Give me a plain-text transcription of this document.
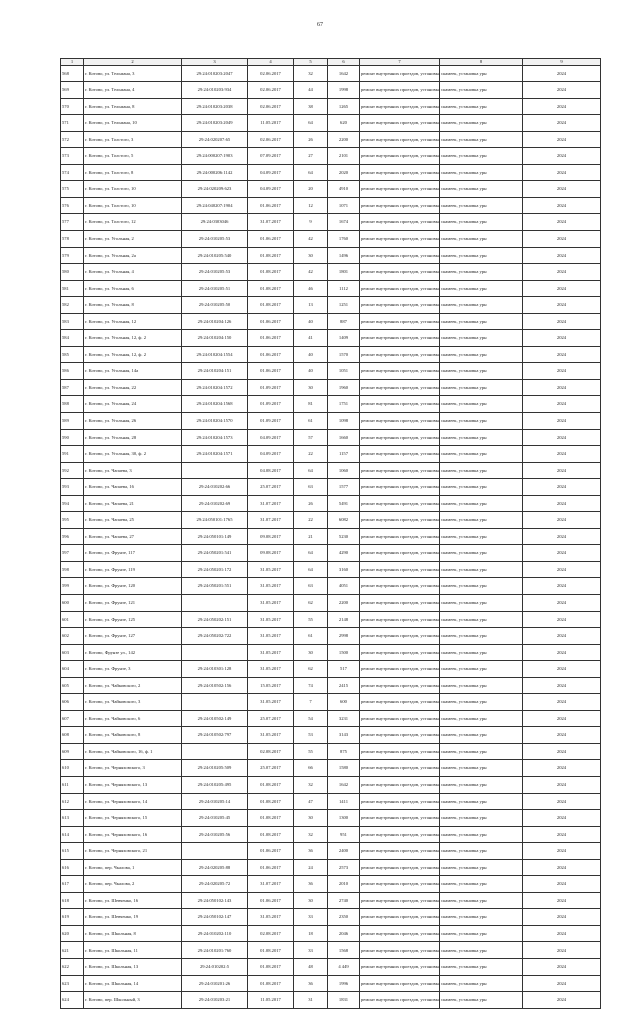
67
1	2	3	4	5	6	7	8	9
568	г. Котово, ул. Тельмана, 3	29:24:010203:2047	02.06.2017	32	1642	ремонт внутренних проездов, установка скамеек, установка урн		2024
569	г. Котово, ул. Тельмана, 4	29:24:010203:934	02.06.2017	44	1998	ремонт внутренних проездов, установка скамеек, установка урн		2024
570	г. Котово, ул. Тельмана, 8	29:24:010203:2038	02.06.2017	38	1265	ремонт внутренних проездов, установка скамеек, установка урн		2024
571	г. Котово, ул. Тельмана, 10	29:24:010203:2049	11.05.2017	64	620	ремонт внутренних проездов, установка скамеек, установка урн		2024
572	г. Котово, ул. Толстого, 3	29:24:020207:65	02.06.2017	26	2200	ремонт внутренних проездов, установка скамеек, установка урн		2024
573	г. Котово, ул. Толстого, 5	29:24:000207:1903	07.09.2017	27	2101	ремонт внутренних проездов, установка скамеек, установка урн		2024
574	г. Котово, ул. Толстого, 8	29:24:000206:1142	04.09.2017	64	2020	ремонт внутренних проездов, установка скамеек, установка урн		2024
575	г. Котово, ул. Толстого, 10	29:24:020209:623	04.09.2017	20	4910	ремонт внутренних проездов, установка скамеек, установка урн		2024
576	г. Котово, ул. Толстого, 10	29:24:040207:1904	01.06.2017	12	1071	ремонт внутренних проездов, установка скамеек, установка урн		2024
577	г. Котово, ул. Толстого, 12	29:24:0303046	31.07.2017	9	1674	ремонт внутренних проездов, установка скамеек, установка урн		2024
578	г. Котово, ул. Угольная, 2	29:24:010205:53	01.06.2017	42	1760	ремонт внутренних проездов, установка скамеек, установка урн		2024
579	г. Котово, ул. Угольная, 2а	29:24:010205:540	01.08.2017	30	1496	ремонт внутренних проездов, установка скамеек, установка урн		2024
580	г. Котово, ул. Угольная, 4	29:24:010205:53	01.08.2017	42	1801	ремонт внутренних проездов, установка скамеек, установка урн		2024
581	г. Котово, ул. Угольная, 6	29:24:010205:51	01.08.2017	46	1112	ремонт внутренних проездов, установка скамеек, установка урн		2024
582	г. Котово, ул. Угольная, 8	29:24:010205:50	01.08.2017	13	1251	ремонт внутренних проездов, установка скамеек, установка урн		2024
583	г. Котово, ул. Угольная, 12	29:24:010204:126	01.06.2017	40	887	ремонт внутренних проездов, установка скамеек, установка урн		2024
584	г. Котово, ул. Угольная, 12, ф. 2	29:24:010204:150	01.06.2017	41	1409	ремонт внутренних проездов, установка скамеек, установка урн		2024
585	г. Котово, ул. Угольная, 12, ф. 2	29:24:010204:1554	01.06.2017	40	1570	ремонт внутренних проездов, установка скамеек, установка урн		2024
586	г. Котово, ул. Угольная, 14а	29:24:010204:151	01.06.2017	40	1051	ремонт внутренних проездов, установка скамеек, установка урн		2024
587	г. Котово, ул. Угольная, 22	29:24:010204:1572	01.09.2017	30	1960	ремонт внутренних проездов, установка скамеек, установка урн		2024
588	г. Котово, ул. Угольная, 24	29:24:010204:1568	01.09.2017	81	1751	ремонт внутренних проездов, установка скамеек, установка урн		2024
589	г. Котово, ул. Угольная, 26	29:24:010204:1570	01.09.2017	61	1098	ремонт внутренних проездов, установка скамеек, установка урн		2024
590	г. Котово, ул. Угольная, 28	29:24:010204:1573	04.09.2017	57	1660	ремонт внутренних проездов, установка скамеек, установка урн		2024
591	г. Котово, ул. Угольная, 30, ф. 2	29:24:010204:1571	04.09.2017	22	1157	ремонт внутренних проездов, установка скамеек, установка урн		2024
592	г. Котово, ул. Чапаева, 3		04.08.2017	64	1060	ремонт внутренних проездов, установка скамеек, установка урн		2024
593	г. Котово, ул. Чапаева, 16	29:24:010202:66	25.07.2017	63	1577	ремонт внутренних проездов, установка скамеек, установка урн		2024
594	г. Котово, ул. Чапаева, 21	29:24:010202:69	31.07.2017	26	5491	ремонт внутренних проездов, установка скамеек, установка урн		2024
595	г. Котово, ул. Чапаева, 25	29:24:050101:1765	31.07.2017	22	6082	ремонт внутренних проездов, установка скамеек, установка урн		2024
596	г. Котово, ул. Чапаева, 27	29:24:050101:149	09.08.2017	21	5230	ремонт внутренних проездов, установка скамеек, установка урн		2024
597	г. Котово, ул. Фрунзе, 117	29:24:050201:541	09.08.2017	64	4290	ремонт внутренних проездов, установка скамеек, установка урн		2024
598	г. Котово, ул. Фрунзе, 119	29:24:050201:172	31.05.2017	64	3160	ремонт внутренних проездов, установка скамеек, установка урн		2024
599	г. Котово, ул. Фрунзе, 120	29:24:050201:551	31.05.2017	63	4051	ремонт внутренних проездов, установка скамеек, установка урн		2024
600	г. Котово, ул. Фрунзе, 121		31.05.2017	62	2200	ремонт внутренних проездов, установка скамеек, установка урн		2024
601	г. Котово, ул. Фрунзе, 125	29:24:050202:151	31.05.2017	55	2148	ремонт внутренних проездов, установка скамеек, установка урн		2024
602	г. Котово, ул. Фрунзе, 127	29:24:050202:722	31.05.2017	61	2998	ремонт внутренних проездов, установка скамеек, установка урн		2024
603	г. Котово, Фрунзе ул., 142		31.05.2017	30	1500	ремонт внутренних проездов, установка скамеек, установка урн		2024
604	г. Котово, ул. Фрунзе, 3	29:24:010301:128	31.05.2017	62	517	ремонт внутренних проездов, установка скамеек, установка урн		2024
605	г. Котово, ул. Чайковского, 2	29:24:010502:156	15.05.2017	74	2415	ремонт внутренних проездов, установка скамеек, установка урн		2024
606	г. Котово, ул. Чайковского, 3		31.05.2017	7	600	ремонт внутренних проездов, установка скамеек, установка урн		2024
607	г. Котово, ул. Чайковского, 6	29:24:010502:149	25.07.2017	54	3231	ремонт внутренних проездов, установка скамеек, установка урн		2024
608	г. Котово, ул. Чайковского, 8	29:24:010502:797	31.05.2017	53	3143	ремонт внутренних проездов, установка скамеек, установка урн		2024
609	г. Котово, ул. Чайковского, 16, ф. 1		02.08.2017	55	875	ремонт внутренних проездов, установка скамеек, установка урн		2024
610	г. Котово, ул. Черняховского, 3	29:24:010205:509	25.07.2017	66	1580	ремонт внутренних проездов, установка скамеек, установка урн		2024
611	г. Котово, ул. Черняховского, 13	29:24:010205:495	01.08.2017	32	1642	ремонт внутренних проездов, установка скамеек, установка урн		2024
612	г. Котово, ул. Черняховского, 14	29:24:010205:14	01.08.2017	47	1411	ремонт внутренних проездов, установка скамеек, установка урн		2024
613	г. Котово, ул. Черняховского, 15	29:24:010205:45	01.08.2017	30	1300	ремонт внутренних проездов, установка скамеек, установка урн		2024
614	г. Котово, ул. Черняховского, 16	29:24:010205:56	01.08.2017	32	951	ремонт внутренних проездов, установка скамеек, установка урн		2024
615	г. Котово, ул. Черняховского, 21		01.06.2017	36	2400	ремонт внутренних проездов, установка скамеек, установка урн		2024
616	г. Котово, пер. Чкалова, 1	29:24:020205:88	01.06.2017	24	2573	ремонт внутренних проездов, установка скамеек, установка урн		2024
617	г. Котово, пер. Чкалова, 2	29:24:020205:72	31.07.2017	36	2010	ремонт внутренних проездов, установка скамеек, установка урн		2024
618	г. Котово, ул. Шевченко, 16	29:24:050102:143	01.06.2017	30	2740	ремонт внутренних проездов, установка скамеек, установка урн		2024
619	г. Котово, ул. Шевченко, 19	29:24:050102:147	31.05.2017	33	2350	ремонт внутренних проездов, установка скамеек, установка урн		2024
620	г. Котово, ул. Школьная, 8	29:24:010202:110	02.08.2017	18	2046	ремонт внутренних проездов, установка скамеек, установка урн		2024
621	г. Котово, ул. Школьная, 11	29:24:010201:760	01.08.2017	33	1568	ремонт внутренних проездов, установка скамеек, установка урн		2024
622	г. Котово, ул. Школьная, 13	29:24:010202:5	01.08.2017	48	4 449	ремонт внутренних проездов, установка скамеек, установка урн		2024
623	г. Котово, ул. Школьная, 14	29:24:010201:26	01.08.2017	36	1996	ремонт внутренних проездов, установка скамеек, установка урн		2024
624	г. Котово, пер. Школьный, 3	29:24:010203:21	11.05.2017	31	1831	ремонт внутренних проездов, установка скамеек, установка урн		2024
